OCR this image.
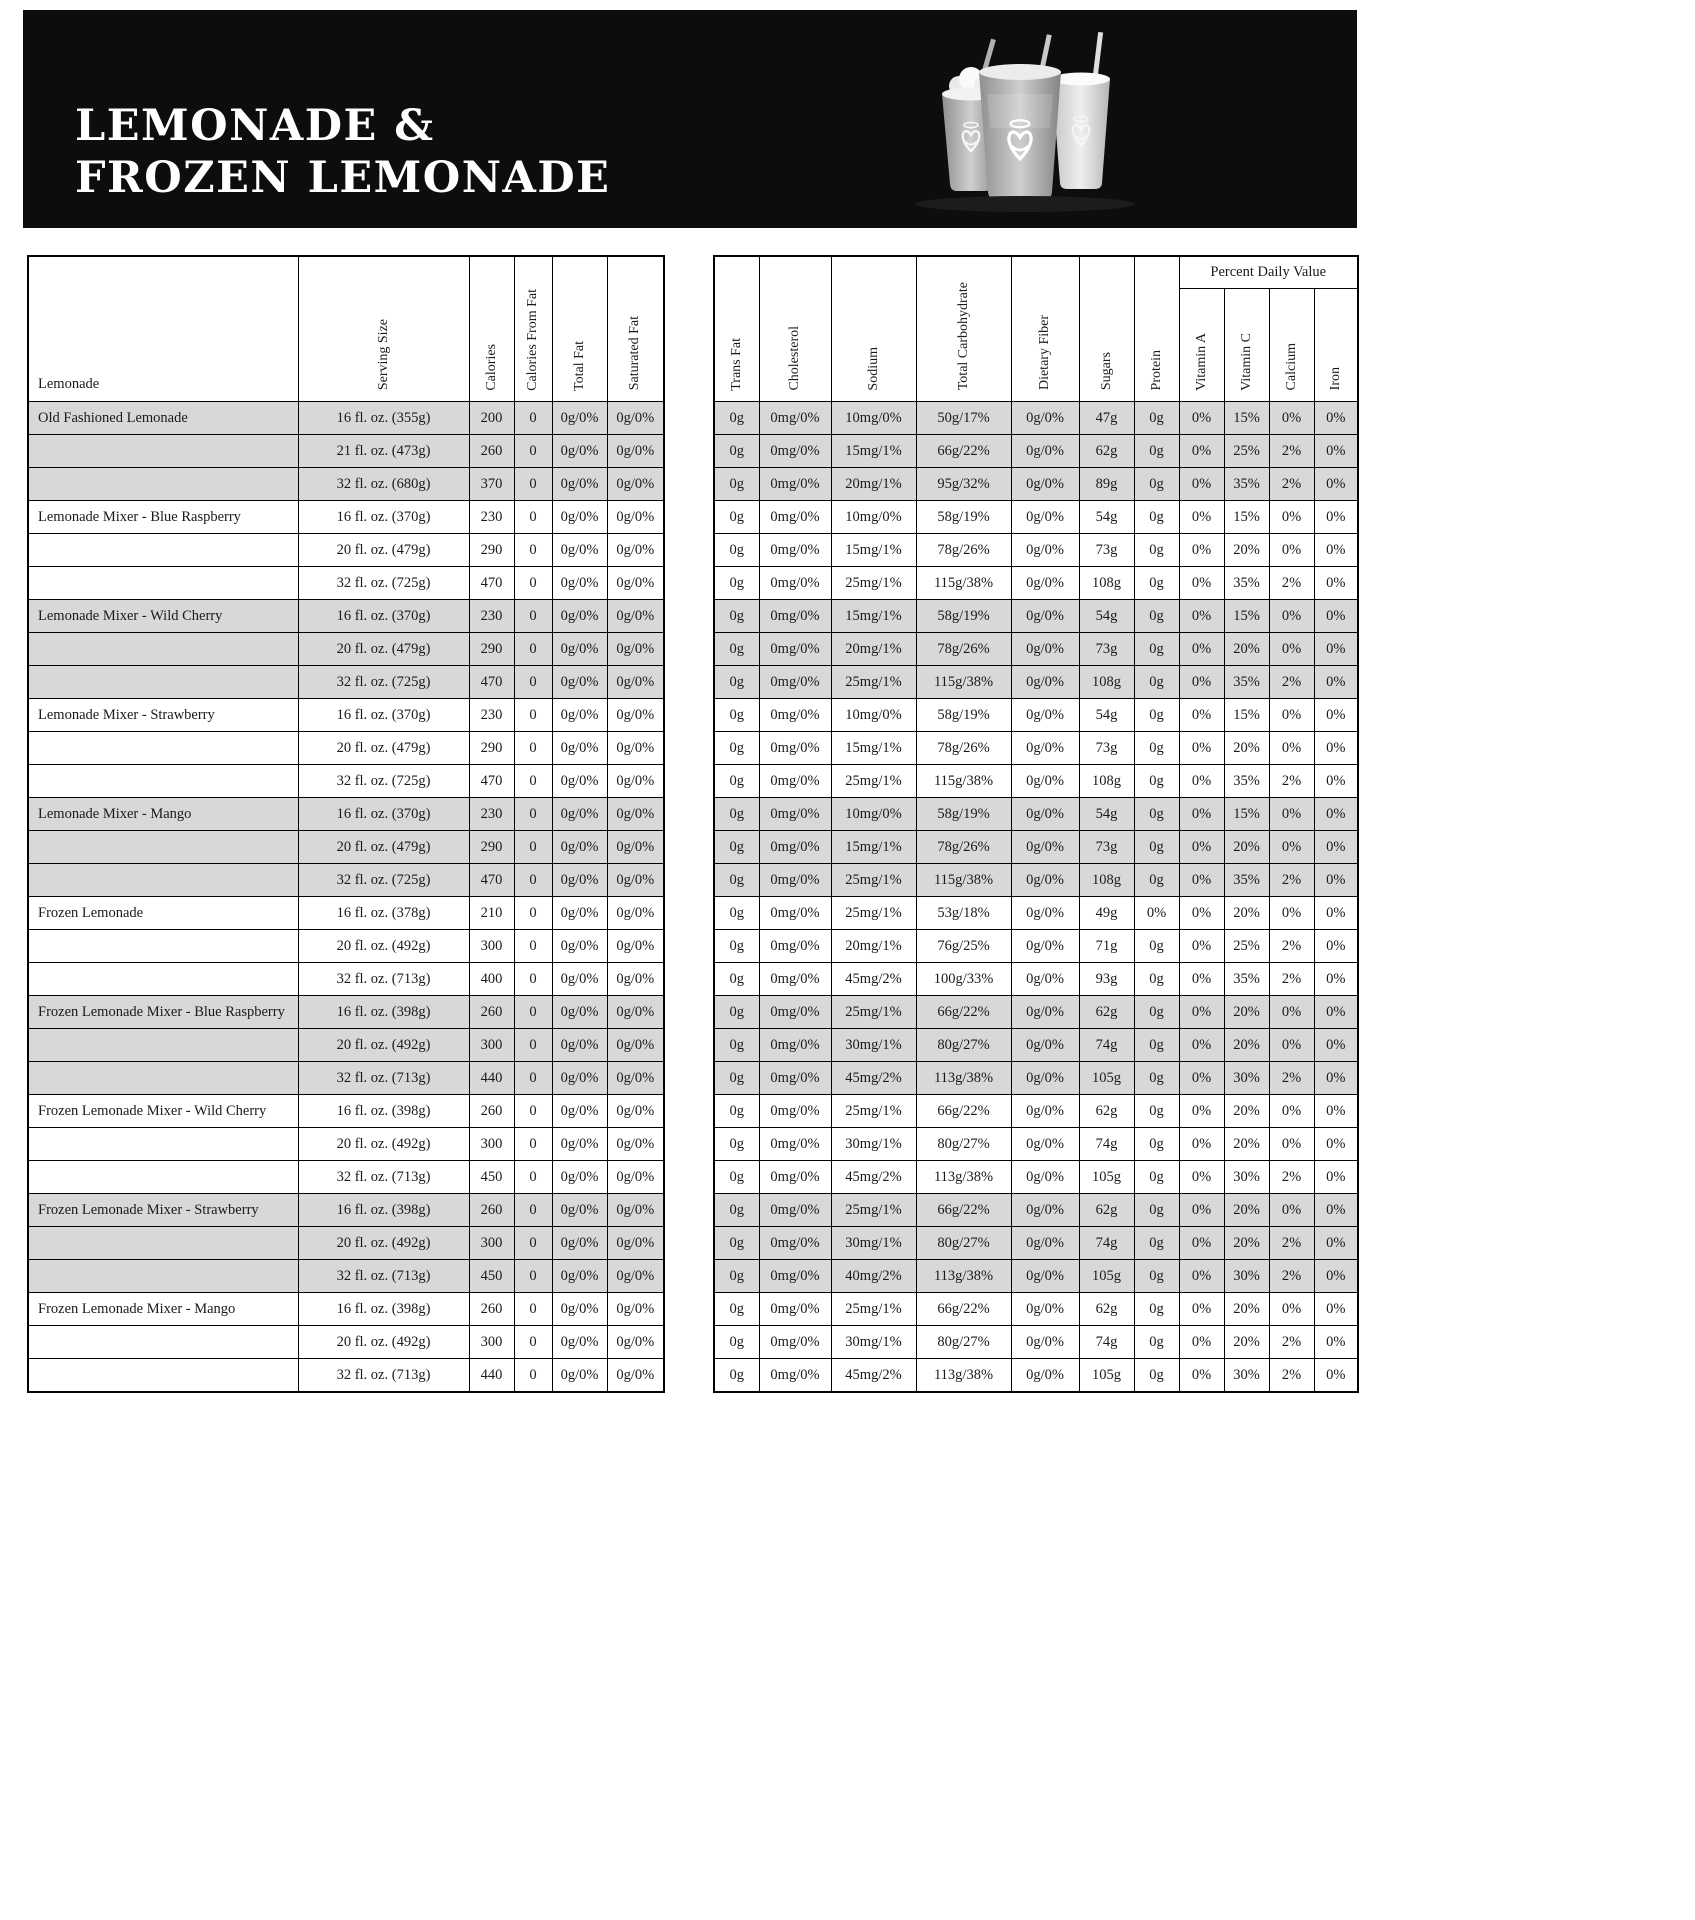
LEMONADE &
FROZEN LEMONADE
Lemonade	Serving Size	Calories	Calories From Fat	Total Fat	Saturated Fat

Old Fashioned Lemonade	16 fl. oz. (355g)	200	0	0g/0%	0g/0%
	21 fl. oz. (473g)	260	0	0g/0%	0g/0%
	32 fl. oz. (680g)	370	0	0g/0%	0g/0%
Lemonade Mixer - Blue Raspberry	16 fl. oz. (370g)	230	0	0g/0%	0g/0%
	20 fl. oz. (479g)	290	0	0g/0%	0g/0%
	32 fl. oz. (725g)	470	0	0g/0%	0g/0%
Lemonade Mixer - Wild Cherry	16 fl. oz. (370g)	230	0	0g/0%	0g/0%
	20 fl. oz. (479g)	290	0	0g/0%	0g/0%
	32 fl. oz. (725g)	470	0	0g/0%	0g/0%
Lemonade Mixer - Strawberry	16 fl. oz. (370g)	230	0	0g/0%	0g/0%
	20 fl. oz. (479g)	290	0	0g/0%	0g/0%
	32 fl. oz. (725g)	470	0	0g/0%	0g/0%
Lemonade Mixer - Mango	16 fl. oz. (370g)	230	0	0g/0%	0g/0%
	20 fl. oz. (479g)	290	0	0g/0%	0g/0%
	32 fl. oz. (725g)	470	0	0g/0%	0g/0%
Frozen Lemonade	16 fl. oz. (378g)	210	0	0g/0%	0g/0%
	20 fl. oz. (492g)	300	0	0g/0%	0g/0%
	32 fl. oz. (713g)	400	0	0g/0%	0g/0%
Frozen Lemonade Mixer - Blue Raspberry	16 fl. oz. (398g)	260	0	0g/0%	0g/0%
	20 fl. oz. (492g)	300	0	0g/0%	0g/0%
	32 fl. oz. (713g)	440	0	0g/0%	0g/0%
Frozen Lemonade Mixer - Wild Cherry	16 fl. oz. (398g)	260	0	0g/0%	0g/0%
	20 fl. oz. (492g)	300	0	0g/0%	0g/0%
	32 fl. oz. (713g)	450	0	0g/0%	0g/0%
Frozen Lemonade Mixer - Strawberry	16 fl. oz. (398g)	260	0	0g/0%	0g/0%
	20 fl. oz. (492g)	300	0	0g/0%	0g/0%
	32 fl. oz. (713g)	450	0	0g/0%	0g/0%
Frozen Lemonade Mixer - Mango	16 fl. oz. (398g)	260	0	0g/0%	0g/0%
	20 fl. oz. (492g)	300	0	0g/0%	0g/0%
	32 fl. oz. (713g)	440	0	0g/0%	0g/0%
Trans Fat	Cholesterol	Sodium	Total Carbohydrate	Dietary Fiber	Sugars	Protein	Percent Daily Value			

							Vitamin A	Vitamin C	Calcium	Iron

0g	0mg/0%	10mg/0%	50g/17%	0g/0%	47g	0g	0%	15%	0%	0%
0g	0mg/0%	15mg/1%	66g/22%	0g/0%	62g	0g	0%	25%	2%	0%
0g	0mg/0%	20mg/1%	95g/32%	0g/0%	89g	0g	0%	35%	2%	0%
0g	0mg/0%	10mg/0%	58g/19%	0g/0%	54g	0g	0%	15%	0%	0%
0g	0mg/0%	15mg/1%	78g/26%	0g/0%	73g	0g	0%	20%	0%	0%
0g	0mg/0%	25mg/1%	115g/38%	0g/0%	108g	0g	0%	35%	2%	0%
0g	0mg/0%	15mg/1%	58g/19%	0g/0%	54g	0g	0%	15%	0%	0%
0g	0mg/0%	20mg/1%	78g/26%	0g/0%	73g	0g	0%	20%	0%	0%
0g	0mg/0%	25mg/1%	115g/38%	0g/0%	108g	0g	0%	35%	2%	0%
0g	0mg/0%	10mg/0%	58g/19%	0g/0%	54g	0g	0%	15%	0%	0%
0g	0mg/0%	15mg/1%	78g/26%	0g/0%	73g	0g	0%	20%	0%	0%
0g	0mg/0%	25mg/1%	115g/38%	0g/0%	108g	0g	0%	35%	2%	0%
0g	0mg/0%	10mg/0%	58g/19%	0g/0%	54g	0g	0%	15%	0%	0%
0g	0mg/0%	15mg/1%	78g/26%	0g/0%	73g	0g	0%	20%	0%	0%
0g	0mg/0%	25mg/1%	115g/38%	0g/0%	108g	0g	0%	35%	2%	0%
0g	0mg/0%	25mg/1%	53g/18%	0g/0%	49g	0%	0%	20%	0%	0%
0g	0mg/0%	20mg/1%	76g/25%	0g/0%	71g	0g	0%	25%	2%	0%
0g	0mg/0%	45mg/2%	100g/33%	0g/0%	93g	0g	0%	35%	2%	0%
0g	0mg/0%	25mg/1%	66g/22%	0g/0%	62g	0g	0%	20%	0%	0%
0g	0mg/0%	30mg/1%	80g/27%	0g/0%	74g	0g	0%	20%	0%	0%
0g	0mg/0%	45mg/2%	113g/38%	0g/0%	105g	0g	0%	30%	2%	0%
0g	0mg/0%	25mg/1%	66g/22%	0g/0%	62g	0g	0%	20%	0%	0%
0g	0mg/0%	30mg/1%	80g/27%	0g/0%	74g	0g	0%	20%	0%	0%
0g	0mg/0%	45mg/2%	113g/38%	0g/0%	105g	0g	0%	30%	2%	0%
0g	0mg/0%	25mg/1%	66g/22%	0g/0%	62g	0g	0%	20%	0%	0%
0g	0mg/0%	30mg/1%	80g/27%	0g/0%	74g	0g	0%	20%	2%	0%
0g	0mg/0%	40mg/2%	113g/38%	0g/0%	105g	0g	0%	30%	2%	0%
0g	0mg/0%	25mg/1%	66g/22%	0g/0%	62g	0g	0%	20%	0%	0%
0g	0mg/0%	30mg/1%	80g/27%	0g/0%	74g	0g	0%	20%	2%	0%
0g	0mg/0%	45mg/2%	113g/38%	0g/0%	105g	0g	0%	30%	2%	0%
